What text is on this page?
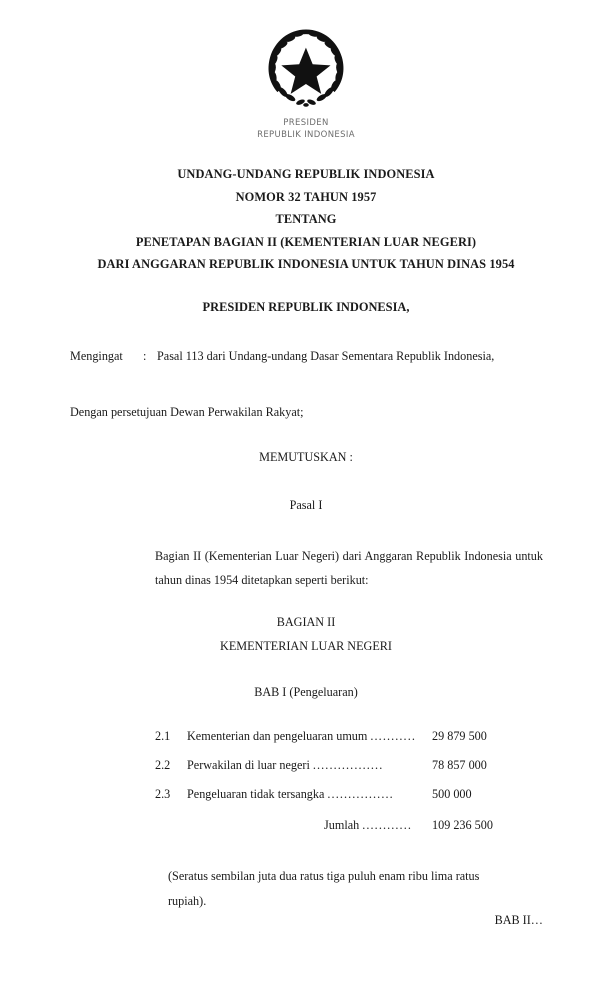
PRESIDEN
REPUBLIK INDONESIA
UNDANG-UNDANG REPUBLIK INDONESIA
NOMOR 32 TAHUN 1957
TENTANG
PENETAPAN BAGIAN II (KEMENTERIAN LUAR NEGERI)
DARI ANGGARAN REPUBLIK INDONESIA UNTUK TAHUN DINAS 1954
PRESIDEN REPUBLIK INDONESIA,
Mengingat	: Pasal 113 dari Undang-undang Dasar Sementara Republik Indonesia,
Dengan persetujuan Dewan Perwakilan Rakyat;
MEMUTUSKAN :
Pasal I
Bagian II (Kementerian Luar Negeri) dari Anggaran Republik Indonesia untuk tahun dinas 1954 ditetapkan seperti berikut:
BAGIAN II
KEMENTERIAN LUAR NEGERI
BAB I (Pengeluaran)
2.1	Kementerian dan pengeluaran umum ........... 29 879 500
2.2	Perwakilan di luar negeri .................	78 857 000
2.3	Pengeluaran tidak tersangka ................	500 000
Jumlah ............	109 236 500
(Seratus sembilan juta dua ratus tiga puluh enam ribu lima ratus
rupiah).
BAB II…
